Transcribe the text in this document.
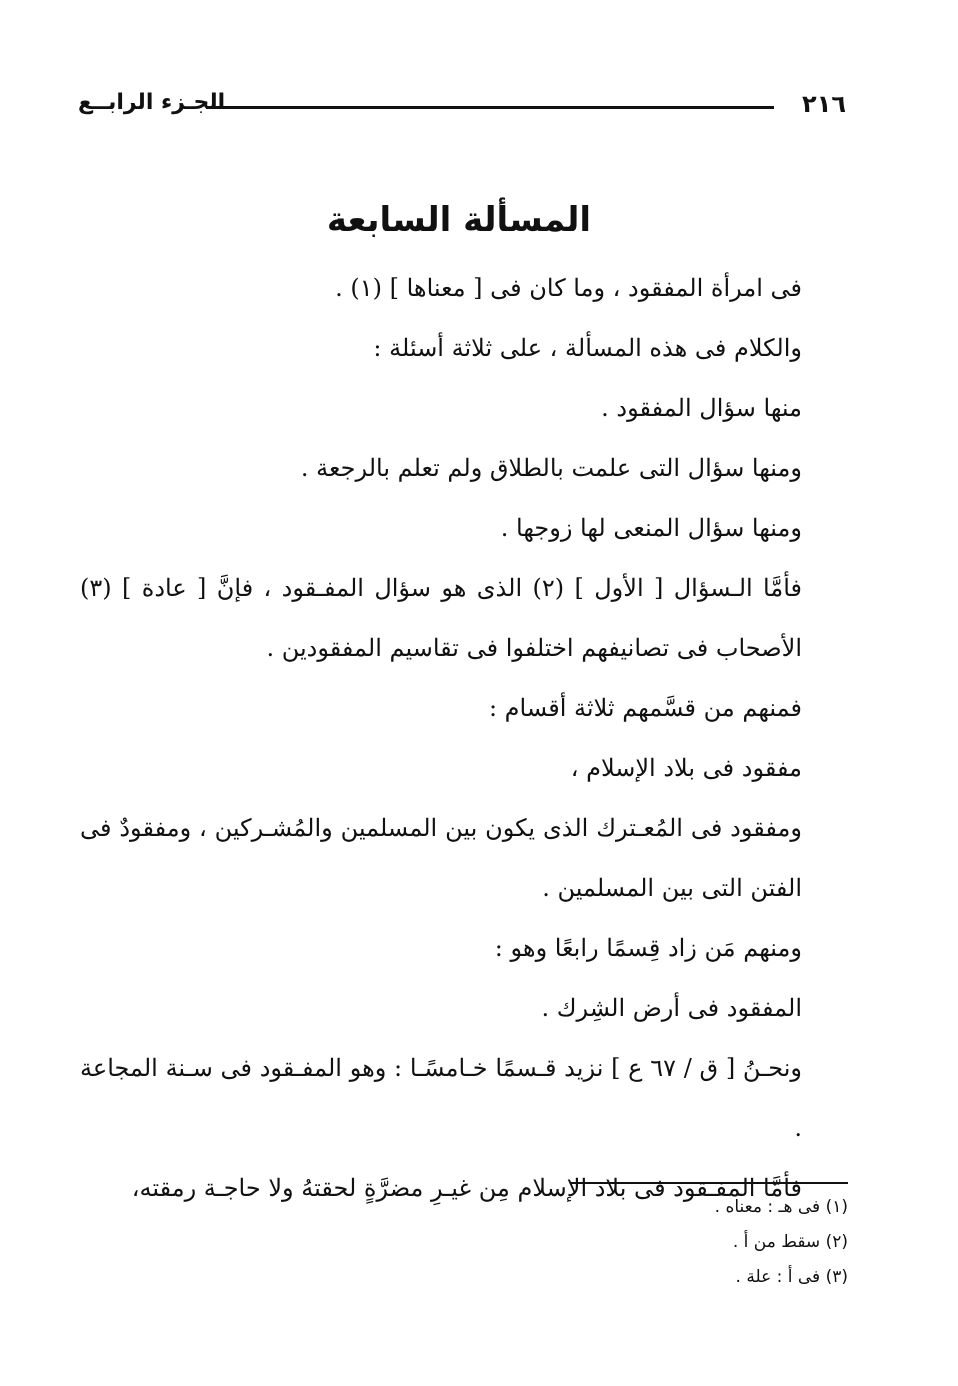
٢١٦
الجـزء الرابــع
المسألة السابعة

فى امرأة المفقود ، وما كان فى [ معناها ] (١) .

والكلام فى هذه المسألة ، على ثلاثة أسئلة :

منها سؤال المفقود .

ومنها سؤال التى علمت بالطلاق ولم تعلم بالرجعة .

ومنها سؤال المنعى لها زوجها .

فأمَّا الـسؤال [ الأول ] (٢) الذى هو سؤال المفـقود ، فإنَّ [ عادة ] (٣) الأصحاب فى تصانيفهم اختلفوا فى تقاسيم المفقودين .

فمنهم من قسَّمهم ثلاثة أقسام :

مفقود فى بلاد الإسلام ،

ومفقود فى المُعـترك الذى يكون بين المسلمين والمُشـركين ، ومفقودٌ فى الفتن التى بين المسلمين .

ومنهم مَن زاد قِسمًا رابعًا وهو :

المفقود فى أرض الشِرك .

ونحـنُ [ ق / ٦٧ ع ] نزيد قـسمًا خـامسًـا : وهو المفـقود فى سـنة المجاعة .

فأمَّا المفـقود فى بلاد الإسلام مِن غيـرِ مضرَّةٍ لحقتهُ ولا حاجـة رمقته،

(١) فى هـ : معناه .
(٢) سقط من أ .
(٣) فى أ : علة .
